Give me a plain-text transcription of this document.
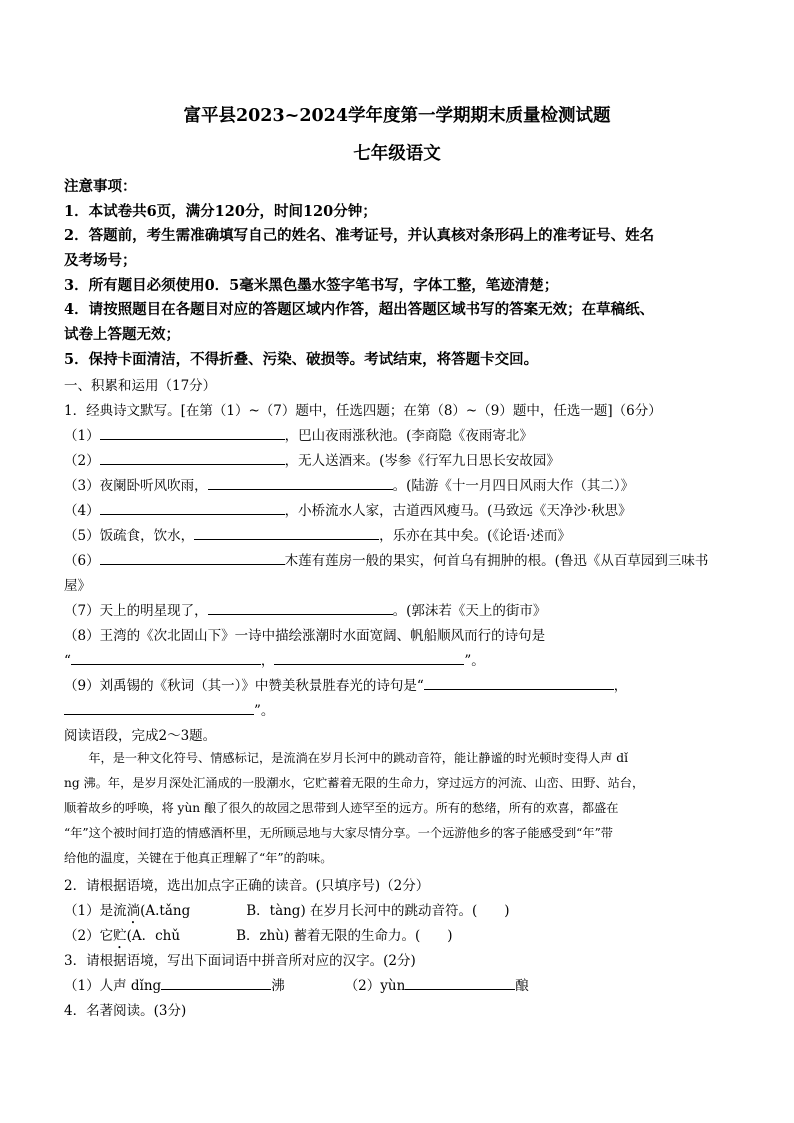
富平县2023~2024学年度第一学期期末质量检测试题
七年级语文
注意事项：
1．本试卷共6页，满分120分，时间120分钟；
2．答题前，考生需准确填写自己的姓名、准考证号，并认真核对条形码上的准考证号、姓名
及考场号；
3．所有题目必须使用0．5毫米黑色墨水签字笔书写，字体工整，笔迹清楚；
4．请按照题目在各题目对应的答题区域内作答，超出答题区域书写的答案无效；在草稿纸、
试卷上答题无效；
5．保持卡面清洁，不得折叠、污染、破损等。考试结束，将答题卡交回。
一、积累和运用（17分）
1．经典诗文默写。[在第（1）~（7）题中，任选四题；在第（8）~（9）题中，任选一题]（6分）
（1）	，巴山夜雨涨秋池。(李商隐《夜雨寄北》
（2）	，无人送酒来。(岑参《行军九日思长安故园》
（3）夜阑卧听风吹雨，	。(陆游《十一月四日风雨大作（其二）》
（4）	，小桥流水人家，古道西风瘦马。(马致远《天净沙·秋思》
（5）饭疏食，饮水，	，乐亦在其中矣。(《论语·述而》
（6）	木莲有莲房一般的果实，何首乌有拥肿的根。(鲁迅《从百草园到三味书
屋》
（7）天上的明星现了，	。(郭沫若《天上的街市》
（8）王湾的《次北固山下》一诗中描绘涨潮时水面宽阔、帆船顺风而行的诗句是
“	，	”。
（9）刘禹锡的《秋词（其一）》中赞美秋景胜春光的诗句是“	，
”。
阅读语段，完成2～3题。
　　年，是一种文化符号、情感标记，是流淌在岁月长河中的跳动音符，能让静谧的时光顿时变得人声 dǐ
ng 沸。年，是岁月深处汇涌成的一股潮水，它贮蓄着无限的生命力，穿过远方的河流、山峦、田野、站台，
顺着故乡的呼唤，将 yùn 酿了很久的故园之思带到人迹罕至的远方。所有的愁绪，所有的欢喜，都盛在
“年”这个被时间打造的情感酒杯里，无所顾忌地与大家尽情分享。一个远游他乡的客子能感受到“年”带
给他的温度，关键在于他真正理解了“年”的韵味。
2．请根据语境，选出加点字正确的读音。(只填序号)（2分）
（1）是流淌(A.tǎng	B．tàng) 在岁月长河中的跳动音符。(　　)
（2）它贮(A．chǔ	B．zhù) 蓄着无限的生命力。(　　)
3．请根据语境，写出下面词语中拼音所对应的汉字。(2分)
（1）人声 dǐng	沸	（2）yùn	酿
4．名著阅读。(3分)
